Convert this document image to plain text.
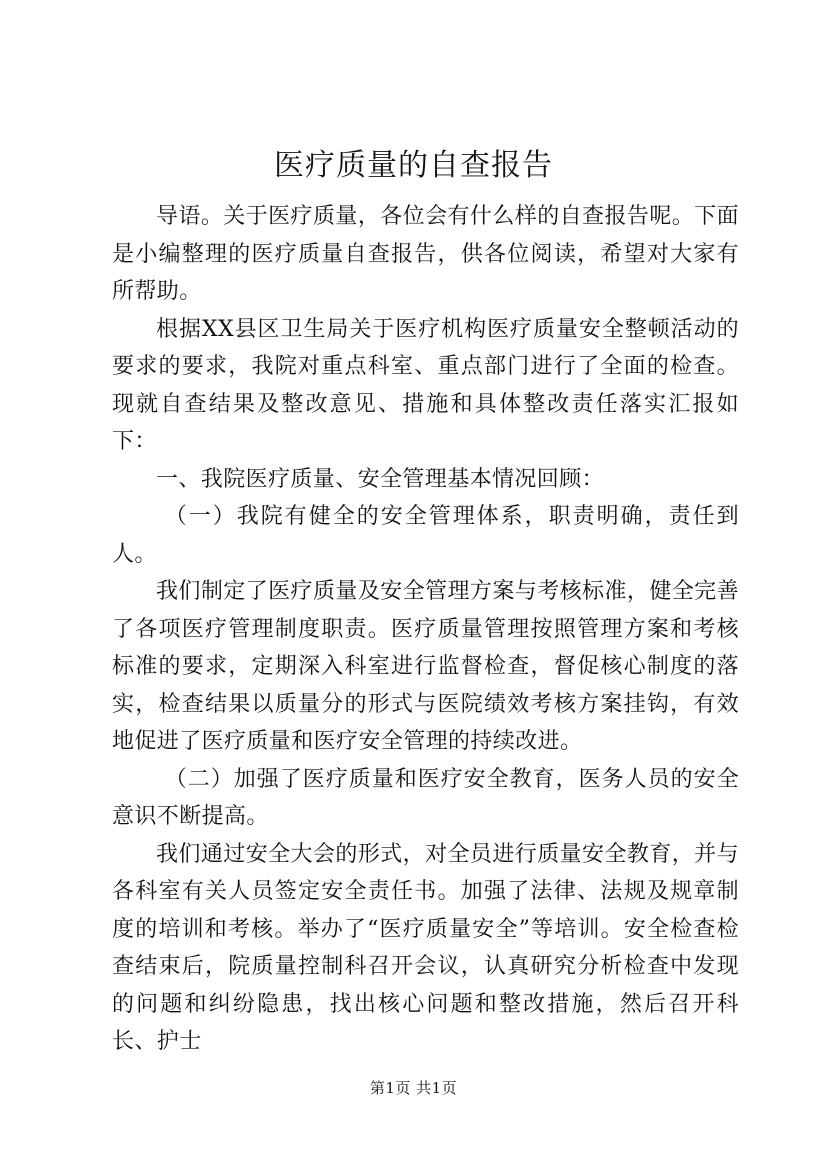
医疗质量的自查报告

导语。关于医疗质量，各位会有什么样的自查报告呢。下面是小编整理的医疗质量自查报告，供各位阅读，希望对大家有所帮助。

根据XX县区卫生局关于医疗机构医疗质量安全整顿活动的要求的要求，我院对重点科室、重点部门进行了全面的检查。现就自查结果及整改意见、措施和具体整改责任落实汇报如下：

一、我院医疗质量、安全管理基本情况回顾：

（一）我院有健全的安全管理体系，职责明确，责任到人。

我们制定了医疗质量及安全管理方案与考核标准，健全完善了各项医疗管理制度职责。医疗质量管理按照管理方案和考核标准的要求，定期深入科室进行监督检查，督促核心制度的落实，检查结果以质量分的形式与医院绩效考核方案挂钩，有效地促进了医疗质量和医疗安全管理的持续改进。

（二）加强了医疗质量和医疗安全教育，医务人员的安全意识不断提高。

我们通过安全大会的形式，对全员进行质量安全教育，并与各科室有关人员签定安全责任书。加强了法律、法规及规章制度的培训和考核。举办了“医疗质量安全”等培训。安全检查检查结束后，院质量控制科召开会议，认真研究分析检查中发现的问题和纠纷隐患，找出核心问题和整改措施，然后召开科长、护士

第1页 共1页
